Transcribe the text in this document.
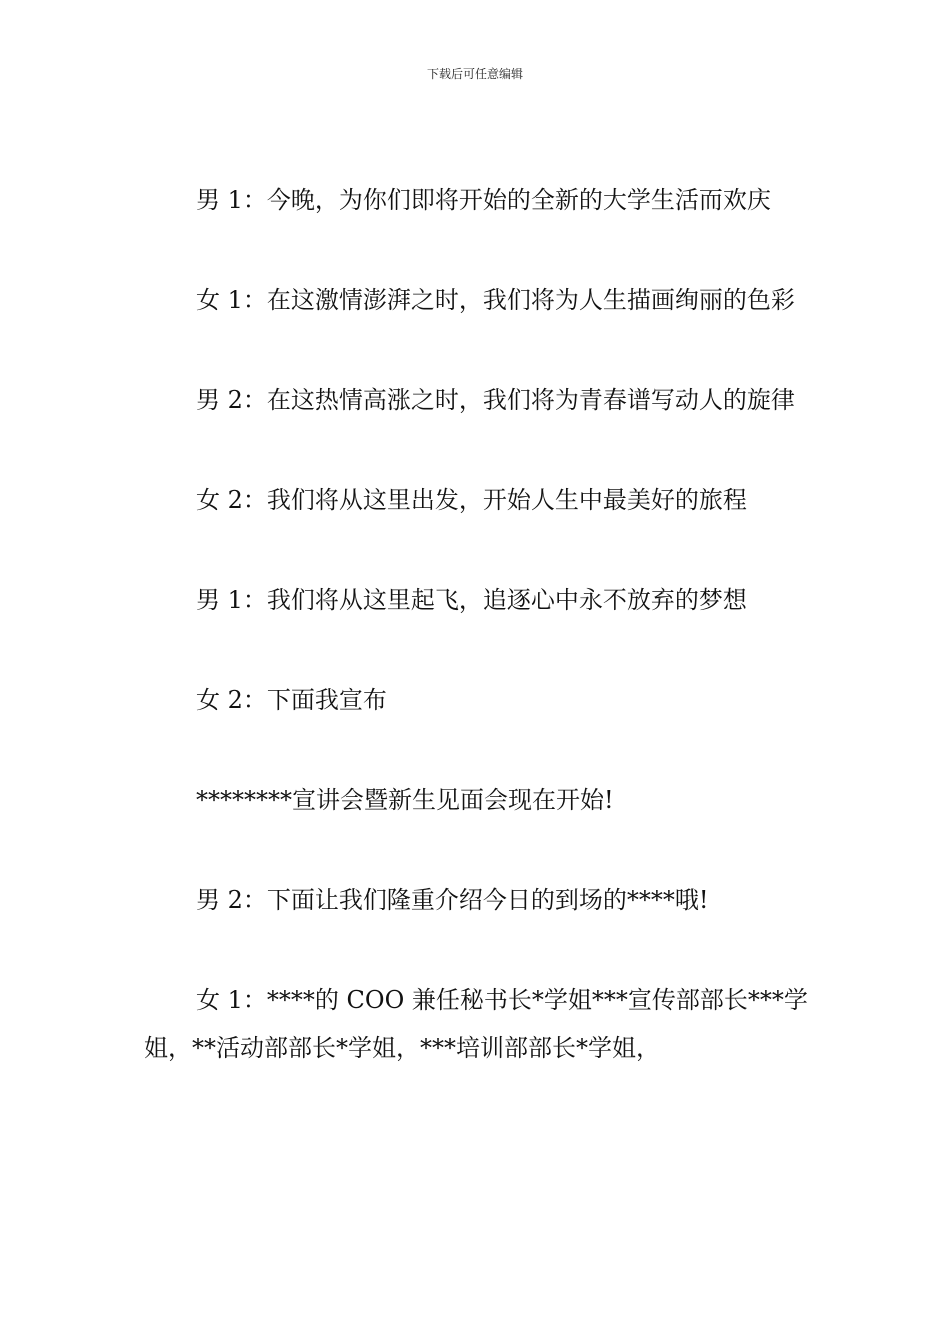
下载后可任意编辑

男 1：今晚，为你们即将开始的全新的大学生活而欢庆

女 1：在这激情澎湃之时，我们将为人生描画绚丽的色彩

男 2：在这热情高涨之时，我们将为青春谱写动人的旋律

女 2：我们将从这里出发，开始人生中最美好的旅程

男 1：我们将从这里起飞，追逐心中永不放弃的梦想

女 2：下面我宣布

********宣讲会暨新生见面会现在开始!

男 2：下面让我们隆重介绍今日的到场的****哦!

女 1：****的 COO 兼任秘书长*学姐***宣传部部长***学姐，**活动部部长*学姐，***培训部部长*学姐，
